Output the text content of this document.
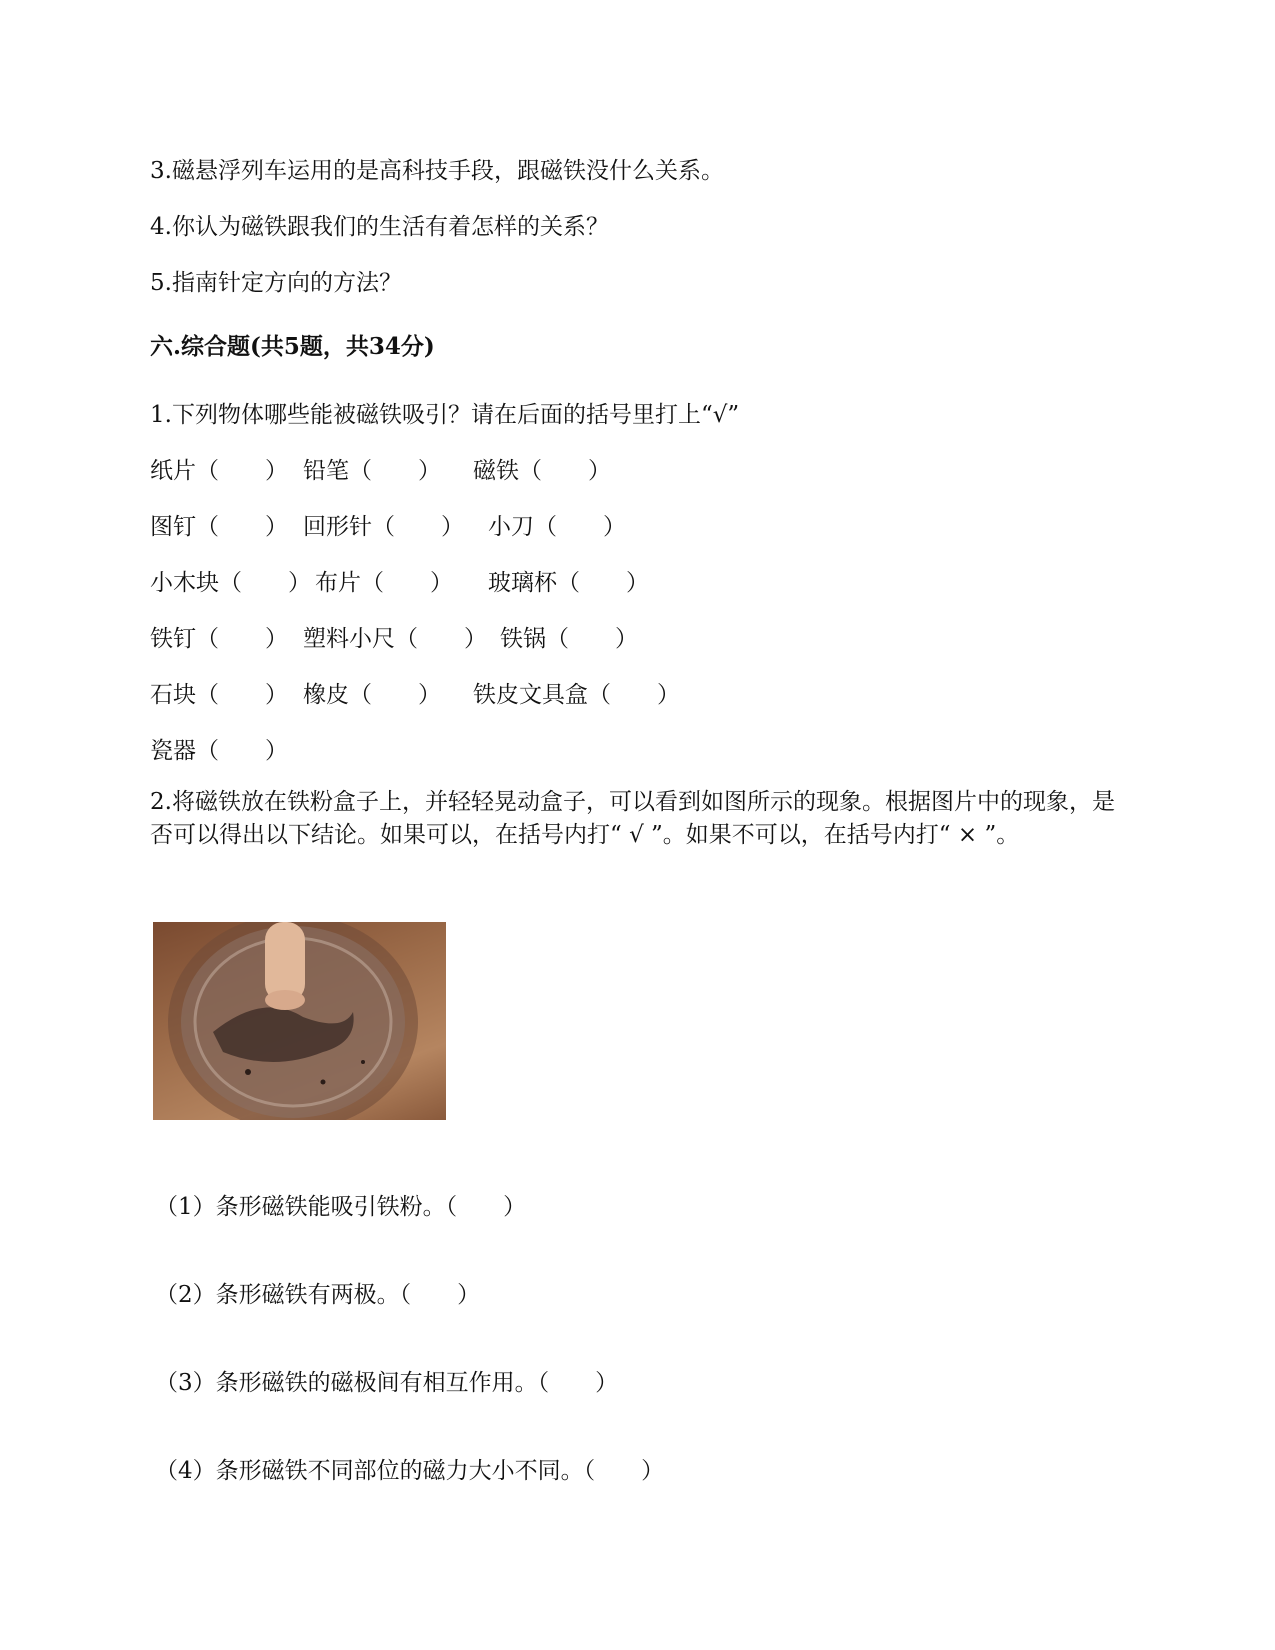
3.磁悬浮列车运用的是高科技手段，跟磁铁没什么关系。
4.你认为磁铁跟我们的生活有着怎样的关系？
5.指南针定方向的方法？
六.综合题(共5题，共34分)
1.下列物体哪些能被磁铁吸引？请在后面的括号里打上“√”
纸片（　　） 铅笔（　　） 磁铁（　　）
图钉（　　） 回形针（　　） 小刀（　　）
小木块（　　） 布片（　　） 玻璃杯（　　）
铁钉（　　） 塑料小尺（　　） 铁锅（　　）
石块（　　） 橡皮（　　） 铁皮文具盒（　　）
瓷器（　　）
2.将磁铁放在铁粉盒子上，并轻轻晃动盒子，可以看到如图所示的现象。根据图片中的现象，是否可以得出以下结论。如果可以，在括号内打“ √ ”。如果不可以，在括号内打“ × ”。
（1）条形磁铁能吸引铁粉。（　　）
（2）条形磁铁有两极。（　　）
（3）条形磁铁的磁极间有相互作用。（　　）
（4）条形磁铁不同部位的磁力大小不同。（　　）
